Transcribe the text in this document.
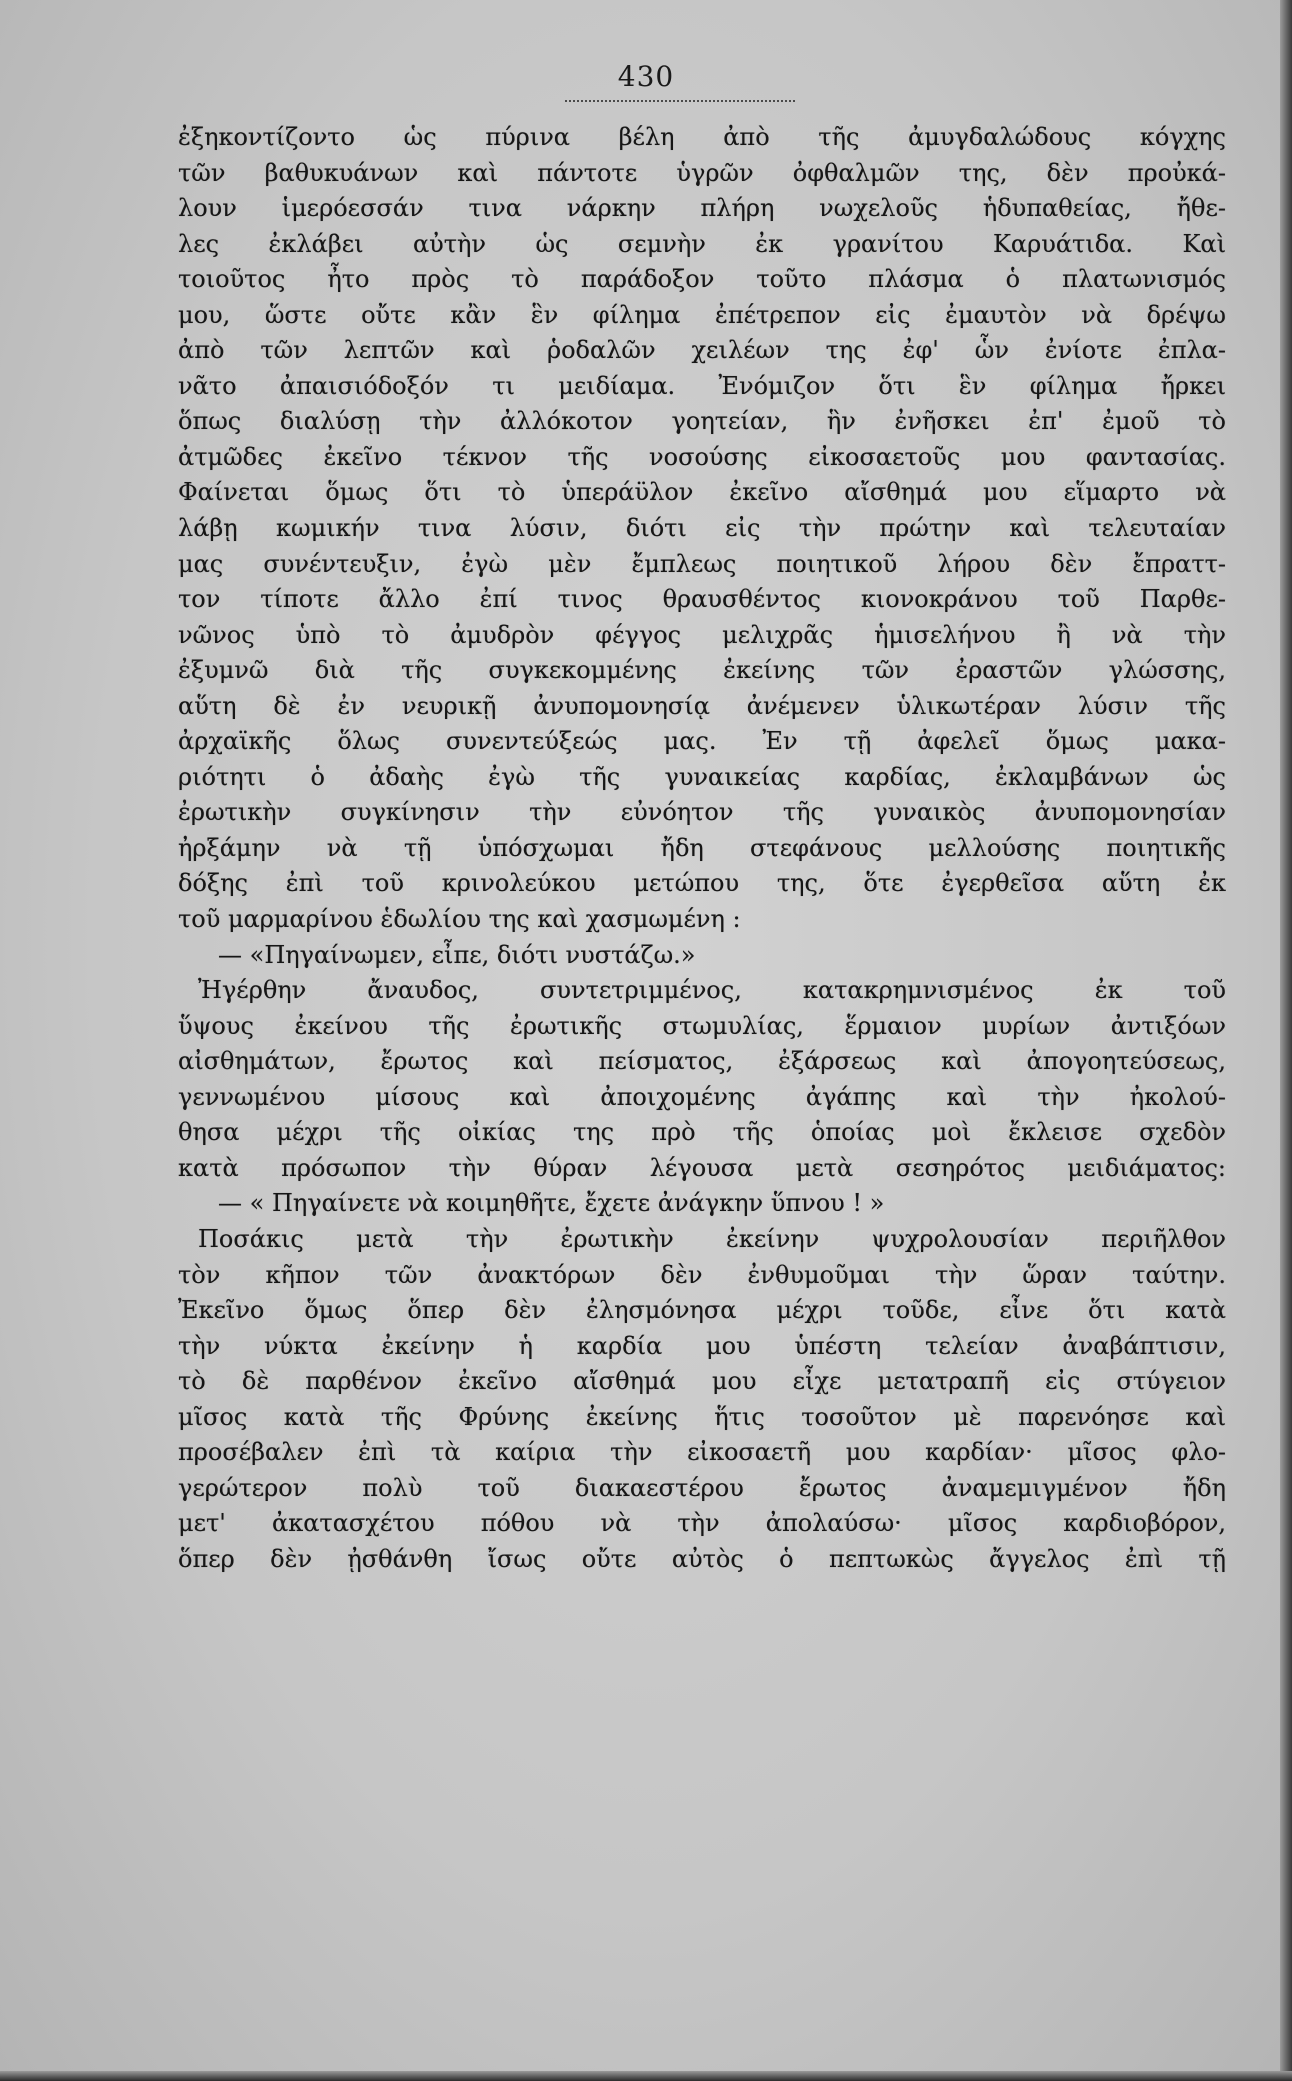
430
ἐξηκοντίζοντο ὡς πύρινα βέλη ἀπὸ τῆς ἀμυγδαλώδους κόγχης
τῶν βαθυκυάνων καὶ πάντοτε ὑγρῶν ὀφθαλμῶν της, δὲν προὐκά-
λουν ἱμερόεσσάν τινα νάρκην πλήρη νωχελοῦς ἡδυπαθείας, ἤθε-
λες ἐκλάβει αὐτὴν ὡς σεμνὴν ἐκ γρανίτου Καρυάτιδα. Καὶ
τοιοῦτος ἦτο πρὸς τὸ παράδοξον τοῦτο πλάσμα ὁ πλατωνισμός
μου, ὥστε οὔτε κἂν ἓν φίλημα ἐπέτρεπον εἰς ἐμαυτὸν νὰ δρέψω
ἀπὸ τῶν λεπτῶν καὶ ῥοδαλῶν χειλέων της ἐφ' ὧν ἐνίοτε ἐπλα-
νᾶτο ἀπαισιόδοξόν τι μειδίαμα. Ἐνόμιζον ὅτι ἓν φίλημα ἤρκει
ὅπως διαλύσῃ τὴν ἀλλόκοτον γοητείαν, ἣν ἐνῆσκει ἐπ' ἐμοῦ τὸ
ἀτμῶδες ἐκεῖνο τέκνον τῆς νοσούσης εἰκοσαετοῦς μου φαντασίας.
Φαίνεται ὅμως ὅτι τὸ ὑπεράϋλον ἐκεῖνο αἴσθημά μου εἵμαρτο νὰ
λάβῃ κωμικήν τινα λύσιν, διότι εἰς τὴν πρώτην καὶ τελευταίαν
μας συνέντευξιν, ἐγὼ μὲν ἔμπλεως ποιητικοῦ λήρου δὲν ἔπραττ-
τον τίποτε ἄλλο ἐπί τινος θραυσθέντος κιονοκράνου τοῦ Παρθε-
νῶνος ὑπὸ τὸ ἀμυδρὸν φέγγος μελιχρᾶς ἡμισελήνου ἢ νὰ τὴν
ἐξυμνῶ διὰ τῆς συγκεκομμένης ἐκείνης τῶν ἐραστῶν γλώσσης,
αὕτη δὲ ἐν νευρικῇ ἀνυπομονησίᾳ ἀνέμενεν ὑλικωτέραν λύσιν τῆς
ἀρχαϊκῆς ὅλως συνεντεύξεώς μας. Ἐν τῇ ἀφελεῖ ὅμως μακα-
ριότητι ὁ ἀδαὴς ἐγὼ τῆς γυναικείας καρδίας, ἐκλαμβάνων ὡς
ἐρωτικὴν συγκίνησιν τὴν εὐνόητον τῆς γυναικὸς ἀνυπομονησίαν
ἠρξάμην νὰ τῇ ὑπόσχωμαι ἤδη στεφάνους μελλούσης ποιητικῆς
δόξης ἐπὶ τοῦ κρινολεύκου μετώπου της, ὅτε ἐγερθεῖσα αὕτη ἐκ
τοῦ μαρμαρίνου ἑδωλίου της καὶ χασμωμένη :
— «Πηγαίνωμεν, εἶπε, διότι νυστάζω.»
Ἠγέρθην ἄναυδος, συντετριμμένος, κατακρημνισμένος ἐκ τοῦ
ὕψους ἐκείνου τῆς ἐρωτικῆς στωμυλίας, ἕρμαιον μυρίων ἀντιξόων
αἰσθημάτων, ἔρωτος καὶ πείσματος, ἐξάρσεως καὶ ἀπογοητεύσεως,
γεννωμένου μίσους καὶ ἀποιχομένης ἀγάπης καὶ τὴν ἠκολού-
θησα μέχρι τῆς οἰκίας της πρὸ τῆς ὁποίας μοὶ ἔκλεισε σχεδὸν
κατὰ πρόσωπον τὴν θύραν λέγουσα μετὰ σεσηρότος μειδιάματος:
— « Πηγαίνετε νὰ κοιμηθῆτε, ἔχετε ἀνάγκην ὕπνου ! »
Ποσάκις μετὰ τὴν ἐρωτικὴν ἐκείνην ψυχρολουσίαν περιῆλθον
τὸν κῆπον τῶν ἀνακτόρων δὲν ἐνθυμοῦμαι τὴν ὥραν ταύτην.
Ἐκεῖνο ὅμως ὅπερ δὲν ἐλησμόνησα μέχρι τοῦδε, εἶνε ὅτι κατὰ
τὴν νύκτα ἐκείνην ἡ καρδία μου ὑπέστη τελείαν ἀναβάπτισιν,
τὸ δὲ παρθένον ἐκεῖνο αἴσθημά μου εἶχε μετατραπῆ εἰς στύγειον
μῖσος κατὰ τῆς Φρύνης ἐκείνης ἥτις τοσοῦτον μὲ παρενόησε καὶ
προσέβαλεν ἐπὶ τὰ καίρια τὴν εἰκοσαετῆ μου καρδίαν· μῖσος φλο-
γερώτερον πολὺ τοῦ διακαεστέρου ἔρωτος ἀναμεμιγμένον ἤδη
μετ' ἀκατασχέτου πόθου νὰ τὴν ἀπολαύσω· μῖσος καρδιοβόρον,
ὅπερ δὲν ᾐσθάνθη ἴσως οὔτε αὐτὸς ὁ πεπτωκὼς ἄγγελος ἐπὶ τῇ
